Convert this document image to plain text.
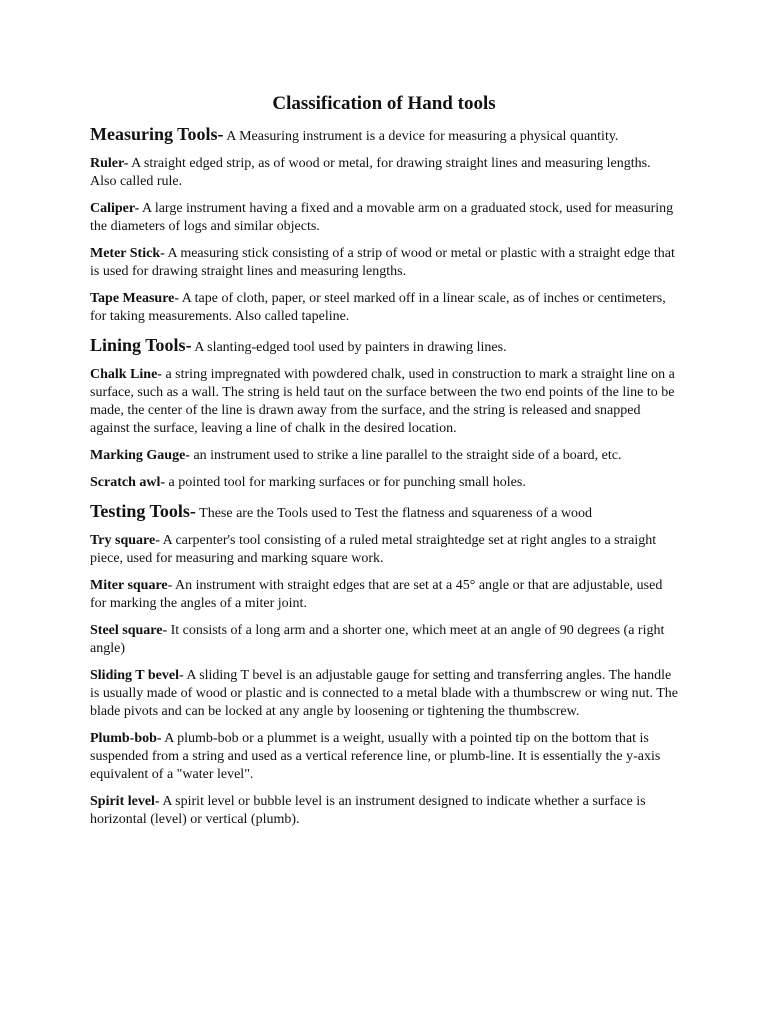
Classification of Hand tools

Measuring Tools- A Measuring instrument is a device for measuring a physical quantity.

Ruler- A straight edged strip, as of wood or metal, for drawing straight lines and measuring lengths. Also called rule.

Caliper- A large instrument having a fixed and a movable arm on a graduated stock, used for measuring the diameters of logs and similar objects.

Meter Stick- A measuring stick consisting of a strip of wood or metal or plastic with a straight edge that is used for drawing straight lines and measuring lengths.

Tape Measure- A tape of cloth, paper, or steel marked off in a linear scale, as of inches or centimeters, for taking measurements. Also called tapeline.

Lining Tools- A slanting-edged tool used by painters in drawing lines.

Chalk Line- a string impregnated with powdered chalk, used in construction to mark a straight line on a surface, such as a wall. The string is held taut on the surface between the two end points of the line to be made, the center of the line is drawn away from the surface, and the string is released and snapped against the surface, leaving a line of chalk in the desired location.

Marking Gauge- an instrument used to strike a line parallel to the straight side of a board, etc.

Scratch awl- a pointed tool for marking surfaces or for punching small holes.

Testing Tools- These are the Tools used to Test the flatness and squareness of a wood

Try square- A carpenter's tool consisting of a ruled metal straightedge set at right angles to a straight piece, used for measuring and marking square work.

Miter square- An instrument with straight edges that are set at a 45° angle or that are adjustable, used for marking the angles of a miter joint.

Steel square- It consists of a long arm and a shorter one, which meet at an angle of 90 degrees (a right angle)

Sliding T bevel- A sliding T bevel is an adjustable gauge for setting and transferring angles. The handle is usually made of wood or plastic and is connected to a metal blade with a thumbscrew or wing nut. The blade pivots and can be locked at any angle by loosening or tightening the thumbscrew.

Plumb-bob- A plumb-bob or a plummet is a weight, usually with a pointed tip on the bottom that is suspended from a string and used as a vertical reference line, or plumb-line. It is essentially the y-axis equivalent of a "water level".

Spirit level- A spirit level or bubble level is an instrument designed to indicate whether a surface is horizontal (level) or vertical (plumb).
